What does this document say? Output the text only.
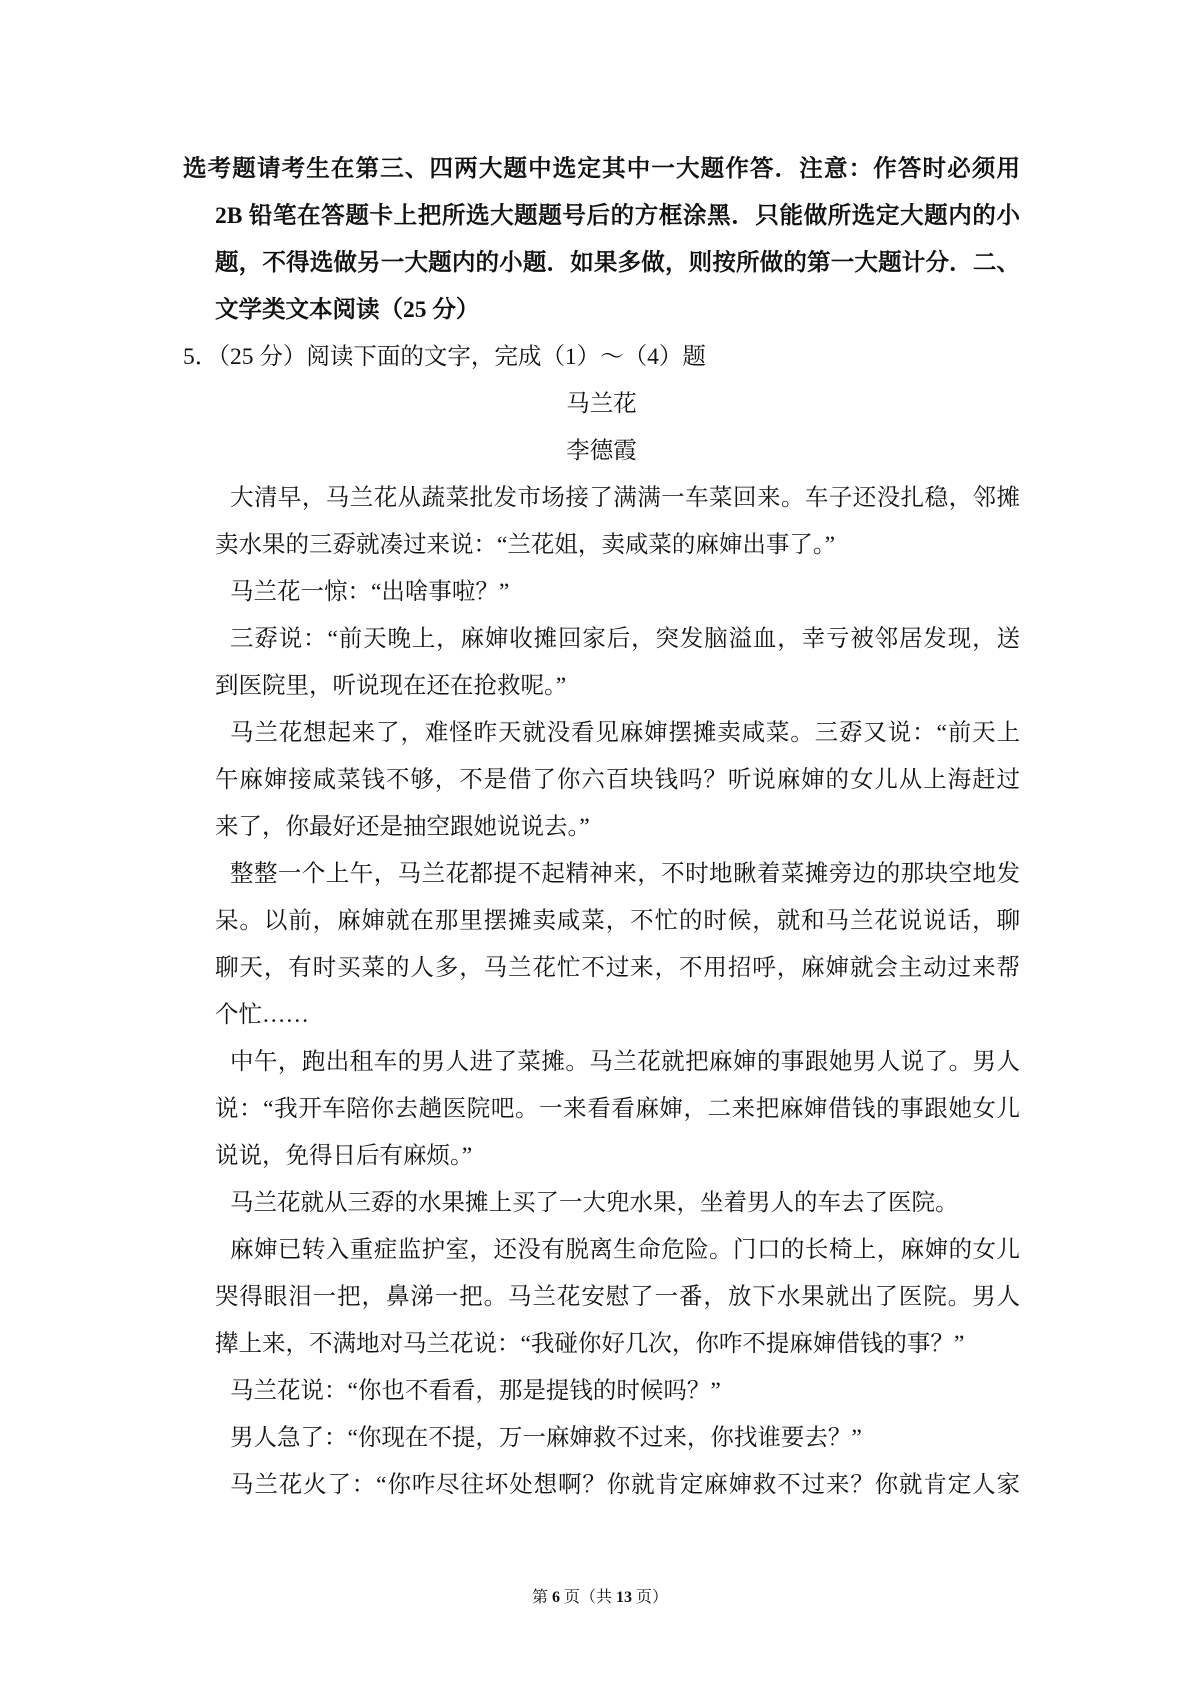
选考题请考生在第三、四两大题中选定其中一大题作答．注意：作答时必须用
2B 铅笔在答题卡上把所选大题题号后的方框涂黑．只能做所选定大题内的小
题，不得选做另一大题内的小题．如果多做，则按所做的第一大题计分．二、
文学类文本阅读（25 分）
5．（25 分）阅读下面的文字，完成（1）～（4）题
马兰花
李德霞
大清早，马兰花从蔬菜批发市场接了满满一车菜回来。车子还没扎稳，邻摊
卖水果的三孬就凑过来说：“兰花姐，卖咸菜的麻婶出事了。”
马兰花一惊：“出啥事啦？”
三孬说：“前天晚上，麻婶收摊回家后，突发脑溢血，幸亏被邻居发现，送
到医院里，听说现在还在抢救呢。”
马兰花想起来了，难怪昨天就没看见麻婶摆摊卖咸菜。三孬又说：“前天上
午麻婶接咸菜钱不够，不是借了你六百块钱吗？听说麻婶的女儿从上海赶过
来了，你最好还是抽空跟她说说去。”
整整一个上午，马兰花都提不起精神来，不时地瞅着菜摊旁边的那块空地发
呆。以前，麻婶就在那里摆摊卖咸菜，不忙的时候，就和马兰花说说话，聊
聊天，有时买菜的人多，马兰花忙不过来，不用招呼，麻婶就会主动过来帮
个忙……
中午，跑出租车的男人进了菜摊。马兰花就把麻婶的事跟她男人说了。男人
说：“我开车陪你去趟医院吧。一来看看麻婶，二来把麻婶借钱的事跟她女儿
说说，免得日后有麻烦。”
马兰花就从三孬的水果摊上买了一大兜水果，坐着男人的车去了医院。
麻婶已转入重症监护室，还没有脱离生命危险。门口的长椅上，麻婶的女儿
哭得眼泪一把，鼻涕一把。马兰花安慰了一番，放下水果就出了医院。男人
撵上来，不满地对马兰花说：“我碰你好几次，你咋不提麻婶借钱的事？”
马兰花说：“你也不看看，那是提钱的时候吗？”
男人急了：“你现在不提，万一麻婶救不过来，你找谁要去？”
马兰花火了：“你咋尽往坏处想啊？你就肯定麻婶救不过来？你就肯定人家
第 6 页（共 13 页）
